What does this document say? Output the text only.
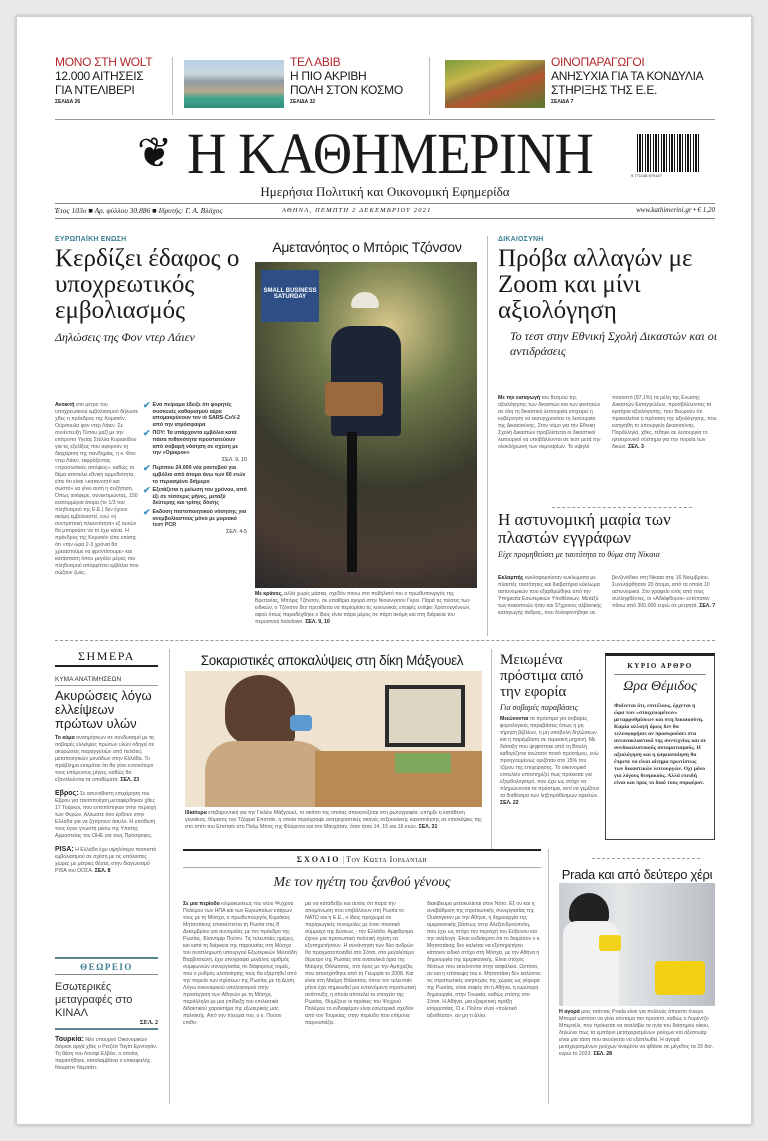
ΜΟΝΟ ΣΤΗ WOLT
12.000 ΑΙΤΗΣΕΙΣ
ΓΙΑ ΝΤΕΛΙΒΕΡΙ
ΣΕΛΙΔΑ 26
ΤΕΛ ΑΒΙΒ
Η ΠΙΟ ΑΚΡΙΒΗ
ΠΟΛΗ ΣΤΟΝ ΚΟΣΜΟ
ΣΕΛΙΔΑ 32
ΟΙΝΟΠΑΡΑΓΩΓΟΙ
ΑΝΗΣΥΧΙΑ ΓΙΑ ΤΑ ΚΟΝΔΥΛΙΑ
ΣΤΗΡΙΞΗΣ ΤΗΣ Ε.Ε.
ΣΕΛΙΔΑ 7
❦ Η ΚΑΘΗΜΕΡΙΝΗ	9 771108 979147
Ημερήσια Πολιτική και Οικονομική Εφημερίδα
Έτος 103ο ■ Αρ. φύλλου 30.886 ■ Ιδρυτής: Γ. Α. Βλάχος	ΑΘΗΝΑ, ΠΕΜΠΤΗ 2 ΔΕΚΕΜΒΡΙΟΥ 2021	www.kathimerini.gr • € 1,20
ΕΥΡΩΠΑΪΚΗ ΕΝΩΣΗ
Κερδίζει έδαφος ο υποχρεωτικός εμβολιασμός
Δηλώσεις της Φον ντερ Λάιεν
Ανοικτή στο μέτρο του υποχρεωτικού εμβολιασμού δήλωσε χθες η πρόεδρος της Κομισιόν, Ούρσουλα φον ντερ Λάιεν. Σε συνέντευξη Τύπου μαζί με την επίτροπο Υγείας Στέλλα Κυριακίδου για τις εξελίξεις που αφορούν τη διαχείριση της πανδημίας, η κ. Φον ντερ Λάιεν, εκφράζοντας «προσωπικές απόψεις», καθώς το θέμα αποτελεί εθνική αρμοδιότητα, είπε ότι είναι «κατανοητό και σωστό» να γίνει αυτή η συζήτηση. Όπως ανέφερε, συνεκτιμώντας, 150 εκατομμύρια άτομα (το 1/3 του πληθυσμού της Ε.Ε.) δεν έχουν ακόμη εμβολιαστεί, ενώ «η συντριπτική πλειονότητα» εξ αυτών θα μπορούσε να το έχει κάνει. Η πρόεδρος της Κομισιόν είπε επίσης ότι «την ώρα 2-3 χρόνια θα χρειαστούμε να φροντίσουμε» και κατάσταση όπου μεγάλο μέρος του πληθυσμού απορρίπτει εμβόλια που σώζουν ζωές.
✔ Ενα πείραμα έδειξε ότι φορητές συσκευές καθαρισμού αέρα απομακρύνουν τον ιό SARS-CoV-2 από την ατμόσφαιρα
✔ ΠΟΥ: Τα υπάρχοντα εμβόλια κατά πάσα πιθανότητα προστατεύουν από σοβαρή νόσηση σε σχέση με την «Ομικρον»
ΣΕΛ. 9, 10
✔ Περίπου 24.000 νέα ραντεβού για εμβόλιο από άτομα άνω των 60 ετών το περασμένο διήμερο
✔ Εξετάζεται η μείωση του χρόνου, από έξι σε τέσσερις μήνες, μεταξύ δεύτερης και τρίτης δόσης
✔ Εκδοση πιστοποιητικού νόσησης για ανεμβολίαστους μόνο με μοριακό τεστ PCR
ΣΕΛ. 4-5
Αμετανόητος ο Μπόρις Τζόνσον
SMALL BUSINESS SATURDAY
Με κράνος, αλλά χωρίς μάσκα, σχεδόν πάνω στο ποδήλατό του ο πρωθυπουργός της Βρετανίας, Μπόρις Τζόνσον, σε υπαίθρια αγορά στην Νιούινγκτον Γκριν. Παρά τις πιέσεις των ειδικών, ο Τζόνσον δεν προτίθεται να περιορίσει τις κοινωνικές επαφές ενόψει Χριστουγέννων, αφού όπως παραδέχθηκε ο ίδιος είναι πάρα μέρος σε πάρτι ακόμη και στη διάρκεια του περυσινού lockdown. ΣΕΛ. 9, 10
ΔΙΚΑΙΟΣΥΝΗ
Πρόβα αλλαγών με Zoom και μίνι αξιολόγηση
Το τεστ στην Εθνική Σχολή Δικαστών και οι αντιδράσεις
Με την εισαγωγή του θεσμού της αξιολόγησης των δικαστών και των φοιτητών σε όλη τη δικαστική λειτουργία επιχειρεί η κυβέρνηση να εκσυγχρονίσει τη λειτουργία της Δικαιοσύνης. Στον νόμο για την Εθνική Σχολή Δικαστών προβλέπεται οι δικαστικοί λειτουργοί να υποβάλλονται σε τεστ μετά την ολοκλήρωση των σεμιναρίων. Το υψηλό ποσοστό (97,1%) τα μέλη της Ενωσης Δικαστών Εισαγγελέων, προσβάλλοντας τα κριτήρια αξιολόγησης, που θεωρούν ότι προκαλείται η πρόταση της αξιολόγησης, που εισηγήθη το υπουργείο Δικαιοσύνης. Παράλληλα, χθες, τέθηκε σε λειτουργία το ηλεκτρονικό σύστημα για την πορεία των δικών. ΣΕΛ. 3
Η αστυνομική μαφία των πλαστών εγγράφων
Είχε προμηθεύσει με ταυτότητα το θύμα στη Νίκαια
Εκλαμπής κυκλοφορούσαν κυκλώματα με πλαστές ταυτότητες και διαβατήρια κύκλωμα αστυνομικών που εξαρθρώθηκε από την Υπηρεσία Εσωτερικών Υποθέσεων. Μεταξύ των κακοποιών ήταν και 37χρονος αλβανικής καταγωγής άνδρας, που δολοφονήθηκε σε βενζινάδικο στη Νίκαια στις 16 Νοεμβρίου. Συνελήφθησαν 20 άτομα, από τα οποία 10 αστυνομικοί. Στο γραφείο ενός από τους συλληφθέντες, οι «Αδιάφθοροι» εντόπισαν πάνω από 300.000 ευρώ σε μετρητά. ΣΕΛ. 7
ΣΗΜΕΡΑ
ΚΥΜΑ ΑΝΑΤΙΜΗΣΕΩΝ
Ακυρώσεις λόγω ελλείψεων πρώτων υλών
Το κύμα ανατιμήσεων σε συνδυασμό με τις σοβαρές ελλείψεις πρώτων υλών οδηγεί σε ακυρώσεις παραγγελιών από πελάτες μεταποιητικών μονάδων στην Ελλάδα. Το πρόβλημα εκτιμάται ότι θα γίνει εντονότερο τους επόμενους μήνες, καθώς θα εξαντλούνται τα αποθέματα. ΣΕΛ. 23
Εβρος: Σε ασυνήθιστη επιχείρηση του Εβρου για ταυτοποίηση μεταφέρθηκαν χθες 17 Τούρκοι, που εντοπίστηκαν στην περιοχή των Φερών. Αλλωστε όσο έρθουν στην Ελλάδα για να ζητήσουν άσυλο. Η υπόθεσή τους έγινε γνωστή μέσω της Υπατης Αρμοστείας του ΟΗΕ για τους Πρόσφυγες.
PISA: Η Ελλάδα έχει υψηλότερο ποσοστό εμβολιασμού σε σχέση με τις υπόλοιπες χώρες με μέτριες θέσεις στην διαγωνισμό PISA του ΟΟΣΑ. ΣΕΛ. 8
ΘΕΩΡΕΙΟ
Εσωτερικές μεταγραφές στο ΚΙΝΑΛ
ΣΕΛ. 2
Τουρκία: Νέο υπουργό Οικονομικών διόρισε αργά χθες ο Ρετζέπ Ταγίπ Ερντογάν. Τη θέση του Λουτφί Ελβάν, ο οποίος παραιτήθηκε, καταλαμβάνει ο επικεφαλής Νουρέτιν Νεμπάτι.
Σοκαριστικές αποκαλύψεις στη δίκη Μάξγουελ
Ιδιαίτερα επιβαρυντική για την Γκιλέιν Μάξγουελ, το σκίτσο της οποίας απεικονίζεται στη φωτογραφία, υπήρξε η κατάθεση γυναίκας, θύματος του Τζέφρεϊ Επσταϊν, η οποία περιέγραψε ανατριχιαστικές σκηνές σεξουαλικής κακοποίησης σε επισκέψεις της στο σπίτι του Επσταϊν στο Παλμ Μπιτς της Φλόριντα και στο Μανχάταν, όταν ήταν 14, 15 και 16 ετών. ΣΕΛ. 31
Μειωμένα πρόστιμα από την εφορία
Για σοβαρές παραβάσεις
Μειώνονται τα πρόστιμα για σοβαρές φορολογικές παραβάσεις όπως η μη τήρηση βιβλίων, η μη υποβολή δηλώσεων και η παρέμβαση σε ταμειακή μηχανή. Με διάταξη που ψηφίστηκε από τη Βουλή καθορίζεται ανώτατο ποσό προστίμου, ενώ προηγουμένως οριζόταν στο 15% του τζίρου της επιχείρησης. Το οικονομικό επιτελείο υποστηρίζει πως πρόκειται για εξορθολογισμό, που έχει ως στόχο να πληρώνονται τα πρόστιμα, αντί να γεμίζουν τα διαθέσιμα των ληξιπρόθεσμων οφειλών. ΣΕΛ. 22
ΚΥΡΙΟ ΑΡΘΡΟ
Ωρα Θέμιδος
Φαίνεται ότι, επιτέλους, έρχεται η ώρα των «στοιχειωμένων» μεταρρυθμίσεων και στη Δικαιοσύνη. Καμία αλλαγή όμως δεν θα τελεσφορήσει αν προσκρούσει στα αντανακλαστικά της συντεχνίας και σε συνδικαλιστικούς αυτοματισμούς. Η αξιολόγηση και η ψηφιοποίηση θα έπρεπε να είναι αίτημα πρωτίστως των δικαστικών λειτουργών. Οχι μόνο για λόγους θεσμικούς. Αλλά επειδή είναι και προς το δικό τους συμφέρον.
ΣΧΟΛΙΟ | Του Κώστα Ιορδανίδη
Με τον ηγέτη του ξανθού γένους
Σε μια περίοδο κλιμακώσεως του νέου Ψυχρού Πολέμου των ΗΠΑ και των Ευρωπαίων εταίρων τους με τη Μόσχα, ο πρωθυπουργός Κυριάκος Μητσοτάκης επισκέπτεται τη Ρωσία στις 8 Δεκεμβρίου για συνομιλίες με τον πρόεδρο της Ρωσίας, Βλαντιμίρ Πούτιν. Τις τελευταίες ημέρες, και κατά τη διάρκεια της παρουσίας στη Μόσχα του αναπληρωτή υπουργού Εξωτερικών Μιλτιάδη Βαρβιτσιώτη, έχει υπογραφεί μεγάλος αριθμός συμφωνιών συνεργασίας σε διάφορους τομείς, που ο ρυθμός υλοποίησής τους θα εξαρτηθεί από την πορεία των σχέσεων της Ρωσίας με τη Δύση. Λόγω οικονομικού υπολογισμού στην προσέγγιση των Αθηνών με τη Μόσχα, παράλληλα με μια επίδειξη του επιλεκτικά διδακτικού χαρακτήρα της εξωτερικής μας πολιτικής. Από την πλευρά του, ο κ. Πούτιν επιθυ-
μεί να καταδείξει και αυτός ότι παρά την απομόνωση που επιβάλλουν στη Ρωσία το ΝΑΤΟ και η Ε.Ε., ο ίδιος προχωρεί σε παραγωγικές συνομιλίες με έναν ποιοτικό σύμμαχο της Δύσεως - την Ελλάδα. Αμφίδρομα έχουν μια προσωπική πολιτική σχέση να εξυπηρετήσουν. Η συνάντηση των δύο ανδρών θα πραγματοποιηθεί στο Σότσι, στο μεγαλύτερο θέρετρο της Ρωσίας στα ανατολικά όρια της Μαύρης Θάλασσας, στο όρος με την Αμπχαζία, που αποσχίσθηκε από τη Γεωργία το 2008. Και είναι στη Μαύρη Θάλασσα, όπου τον τελευταίο μήνα έχει σημειωθεί μια εντεινόμενη στρατιωτική ανάπτυξη, η οποία αποτελεί το στοιχείο της Ρωσίας. Θυμίζουν οι ταράκες του Ψυχρού Πολέμου το ενδιαφέρον είναι εσωτερικό σχεδόν από τον Τουρκίας, στην περίοδο που επίμονα παρουσιάζει.
διακίβευμα μετακυλίεται στον Νότο. Εξ ου και η αναβάθμιση της στρατιωτικής συνεργασίας της Ουάσιγκτον με την Αθήνα, η δημιουργία της αμερικανικής βάσεως στην Αλεξανδρούπολη, που έχει ως στόχο την περιοχή του Εύξεινου και την ανάλογη. Είναι ευδιάκριτο ότι το διαμέσον ο κ. Μητσοτάκης δεν καλείται να εξυπηρετήσει κάποιον ειδικό στόχο στη Μόσχα, με την Αθήνα η δημιουργία της αμερικανικής. Είναι στόχος θέσεων που εκτείνονται στην ασφάλεια. Ωστόσο, αν και η επίσκεψη του κ. Μητσοτάκη δεν καλύπτει τις στρατιωτικές ανησυχίες της χώρας ως γέφυρα της Ρωσίας, είναι σαφές ότι η Αθήνα, η ευρύτερη δημιουργία, στην Τουρκία, καθώς επίσης στο Σότσι. Η Αθήνα, μια εξαιρετική πράξη ισορροπίας. Ο κ. Πούτιν είναι «πολιτικό αξιοθέατο», αν μη τι άλλο.
Prada και από δεύτερο χέρι
Η αγορά μιας τσάντας Prada είναι για πολλούς άπιαστο όνειρο. Μπορεί ωστόσο να γίνει σύντομα πιο προσιτό, καθώς ο Λορέντζο Μπερτέλι, που πρόκειται να αναλάβει τα ηνία του διάσημου οίκου, δηλώνει πως τα εμπόριο μεταχειρισμένων ρούχων και αξεσουάρ είναι μια τάση που ακούγεται να εξαπλωθεί. Η αγορά μεταχειρισμένων ρούχων αναμένει να φθάσει σε μέγεθος τα 33 δισ. ευρώ το 2023. ΣΕΛ. 28
